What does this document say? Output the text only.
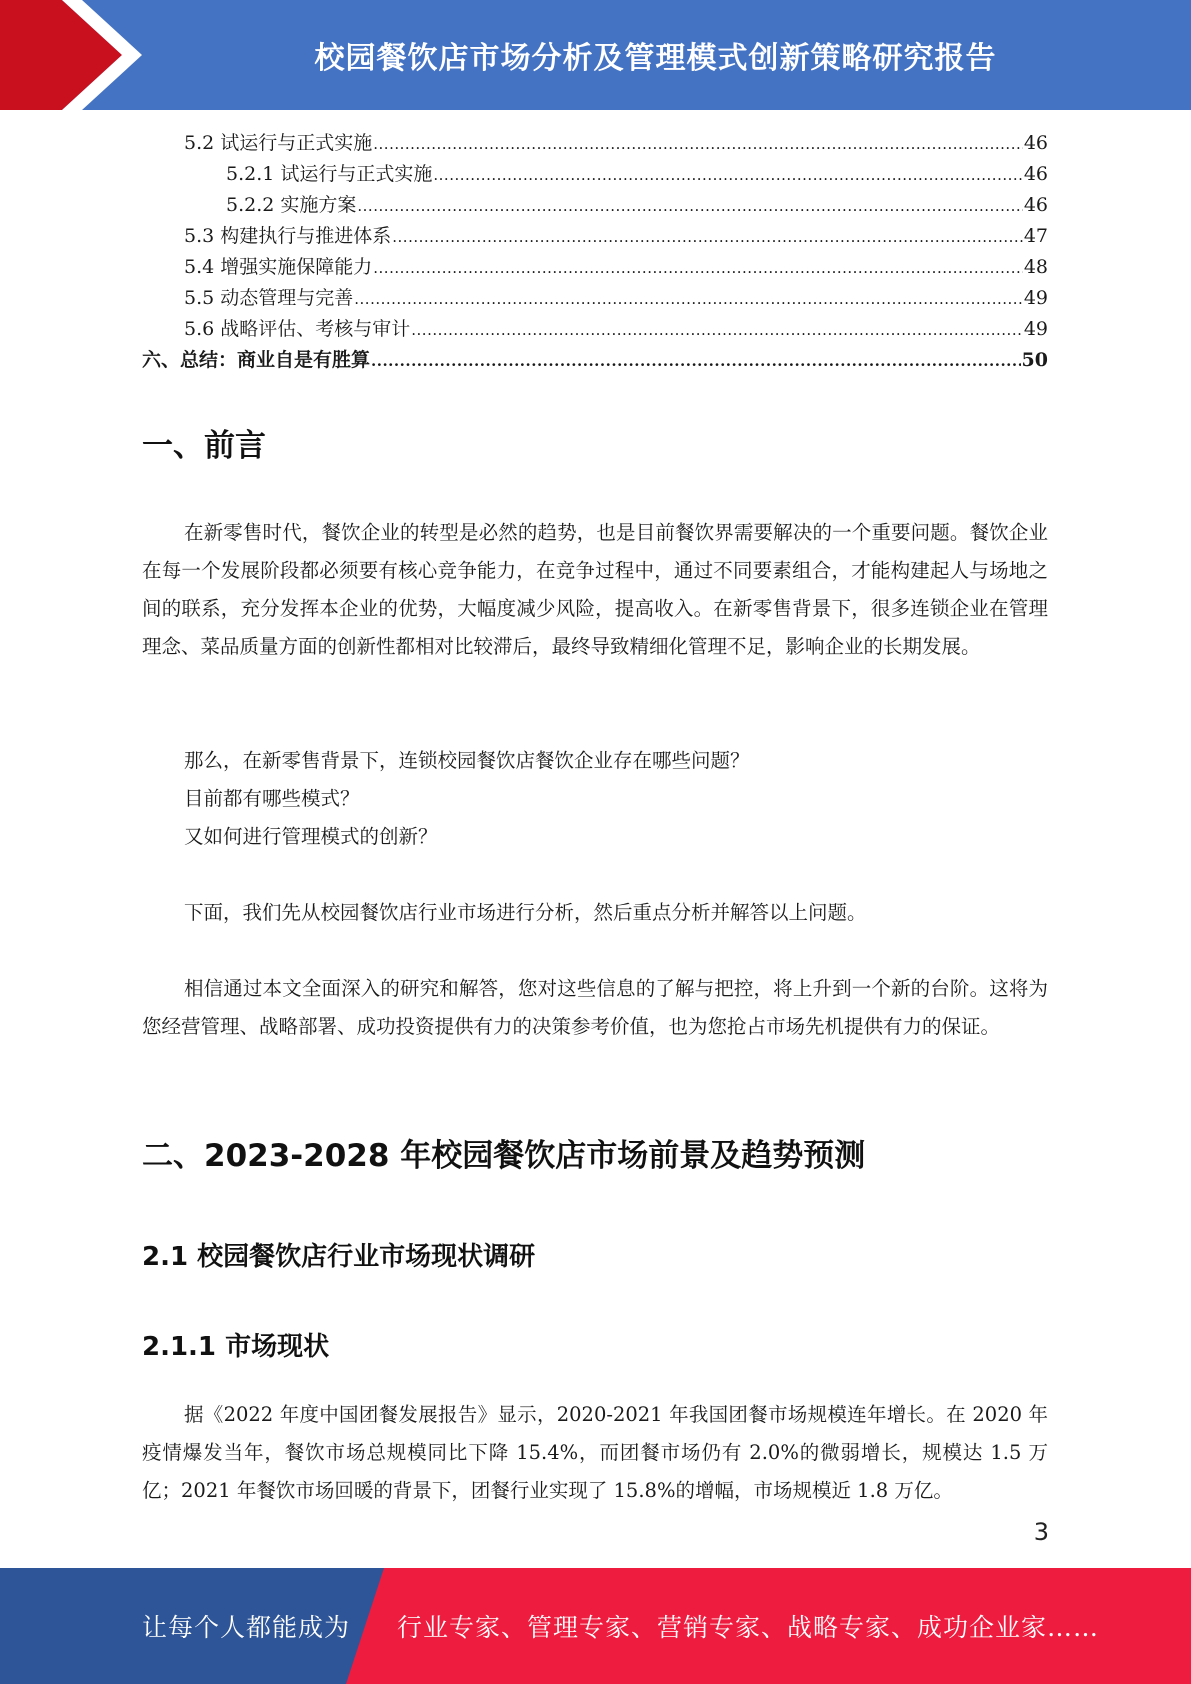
校园餐饮店市场分析及管理模式创新策略研究报告
5.2 试运行与正式实施 .....	46
5.2.1 试运行与正式实施 .....	46
5.2.2 实施方案 .....	46
5.3 构建执行与推进体系 .....	47
5.4 增强实施保障能力 .....	48
5.5 动态管理与完善 .....	49
5.6 战略评估、考核与审计 .....	49
六、总结：商业自是有胜算 .....	50
一、前言

在新零售时代，餐饮企业的转型是必然的趋势，也是目前餐饮界需要解决的一个重要问题。餐饮企业在每一个发展阶段都必须要有核心竞争能力，在竞争过程中，通过不同要素组合，才能构建起人与场地之间的联系，充分发挥本企业的优势，大幅度减少风险，提高收入。在新零售背景下，很多连锁企业在管理理念、菜品质量方面的创新性都相对比较滞后，最终导致精细化管理不足，影响企业的长期发展。

那么，在新零售背景下，连锁校园餐饮店餐饮企业存在哪些问题？

目前都有哪些模式？

又如何进行管理模式的创新？

下面，我们先从校园餐饮店行业市场进行分析，然后重点分析并解答以上问题。

相信通过本文全面深入的研究和解答，您对这些信息的了解与把控，将上升到一个新的台阶。这将为您经营管理、战略部署、成功投资提供有力的决策参考价值，也为您抢占市场先机提供有力的保证。

二、2023-2028 年校园餐饮店市场前景及趋势预测
2.1 校园餐饮店行业市场现状调研
2.1.1 市场现状

据《2022 年度中国团餐发展报告》显示，2020-2021 年我国团餐市场规模连年增长。在 2020 年疫情爆发当年，餐饮市场总规模同比下降 15.4%，而团餐市场仍有 2.0%的微弱增长，规模达 1.5 万亿；2021 年餐饮市场回暖的背景下，团餐行业实现了 15.8%的增幅，市场规模近 1.8 万亿。

3
让每个人都能成为 行业专家、管理专家、营销专家、战略专家、成功企业家……
